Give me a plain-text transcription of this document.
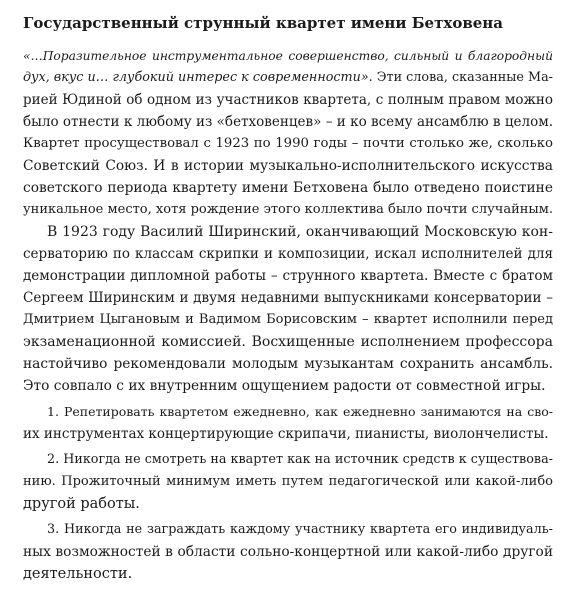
Государственный струнный квартет имени Бетховена
«…Поразительное инструментальное совершенство, сильный и благородный
дух, вкус и… глубокий интерес к современности». Эти слова, сказанные Ма-
рией Юдиной об одном из участников квартета, с полным правом можно
было отнести к любому из «бетховенцев» – и ко всему ансамблю в целом.
Квартет просуществовал с 1923 по 1990 годы – почти столько же, сколько
Советский Союз. И в истории музыкально-исполнительского искусства
советского периода квартету имени Бетховена было отведено поистине
уникальное место, хотя рождение этого коллектива было почти случайным.
В 1923 году Василий Ширинский, оканчивающий Московскую кон-
серваторию по классам скрипки и композиции, искал исполнителей для
демонстрации дипломной работы – струнного квартета. Вместе с братом
Сергеем Ширинским и двумя недавними выпускниками консерватории –
Дмитрием Цыгановым и Вадимом Борисовским – квартет исполнили перед
экзаменационной комиссией. Восхищенные исполнением профессора
настойчиво рекомендовали молодым музыкантам сохранить ансамбль.
Это совпало с их внутренним ощущением радости от совместной игры.
1. Репетировать квартетом ежедневно, как ежедневно занимаются на сво-
их инструментах концертирующие скрипачи, пианисты, виолончелисты.
2. Никогда не смотреть на квартет как на источник средств к существова-
нию. Прожиточный минимум иметь путем педагогической или какой-либо
другой работы.
3. Никогда не заграждать каждому участнику квартета его индивидуаль-
ных возможностей в области сольно-концертной или какой-либо другой
деятельности.
